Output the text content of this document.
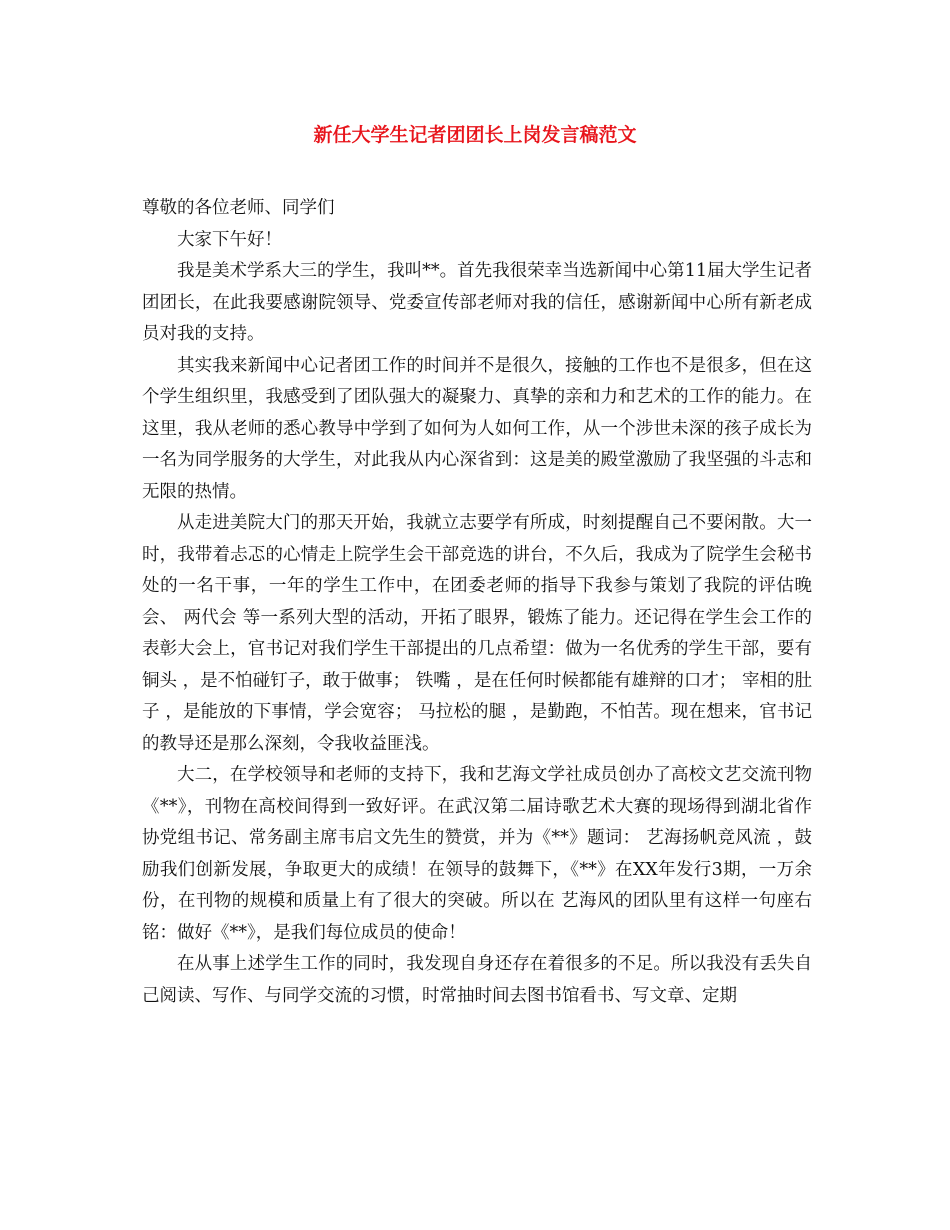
新任大学生记者团团长上岗发言稿范文

尊敬的各位老师、同学们

大家下午好！

我是美术学系大三的学生，我叫**。首先我很荣幸当选新闻中心第11届大学生记者团团长，在此我要感谢院领导、党委宣传部老师对我的信任，感谢新闻中心所有新老成员对我的支持。

其实我来新闻中心记者团工作的时间并不是很久，接触的工作也不是很多，但在这个学生组织里，我感受到了团队强大的凝聚力、真挚的亲和力和艺术的工作的能力。在这里，我从老师的悉心教导中学到了如何为人如何工作，从一个涉世未深的孩子成长为一名为同学服务的大学生，对此我从内心深省到：这是美的殿堂激励了我坚强的斗志和无限的热情。

从走进美院大门的那天开始，我就立志要学有所成，时刻提醒自己不要闲散。大一时，我带着忐忑的心情走上院学生会干部竞选的讲台，不久后，我成为了院学生会秘书处的一名干事，一年的学生工作中，在团委老师的指导下我参与策划了我院的评估晚会、 两代会 等一系列大型的活动，开拓了眼界，锻炼了能力。还记得在学生会工作的表彰大会上，官书记对我们学生干部提出的几点希望：做为一名优秀的学生干部，要有 铜头 ，是不怕碰钉子，敢于做事； 铁嘴 ，是在任何时候都能有雄辩的口才； 宰相的肚子 ，是能放的下事情，学会宽容； 马拉松的腿 ，是勤跑，不怕苦。现在想来，官书记的教导还是那么深刻，令我收益匪浅。

大二，在学校领导和老师的支持下，我和艺海文学社成员创办了高校文艺交流刊物《**》，刊物在高校间得到一致好评。在武汉第二届诗歌艺术大赛的现场得到湖北省作协党组书记、常务副主席韦启文先生的赞赏，并为《**》题词： 艺海扬帆竞风流 ，鼓励我们创新发展，争取更大的成绩！在领导的鼓舞下，《**》在XX年发行3期，一万余份，在刊物的规模和质量上有了很大的突破。所以在 艺海风的团队里有这样一句座右铭：做好《**》，是我们每位成员的使命！

在从事上述学生工作的同时，我发现自身还存在着很多的不足。所以我没有丢失自己阅读、写作、与同学交流的习惯，时常抽时间去图书馆看书、写文章、定期
